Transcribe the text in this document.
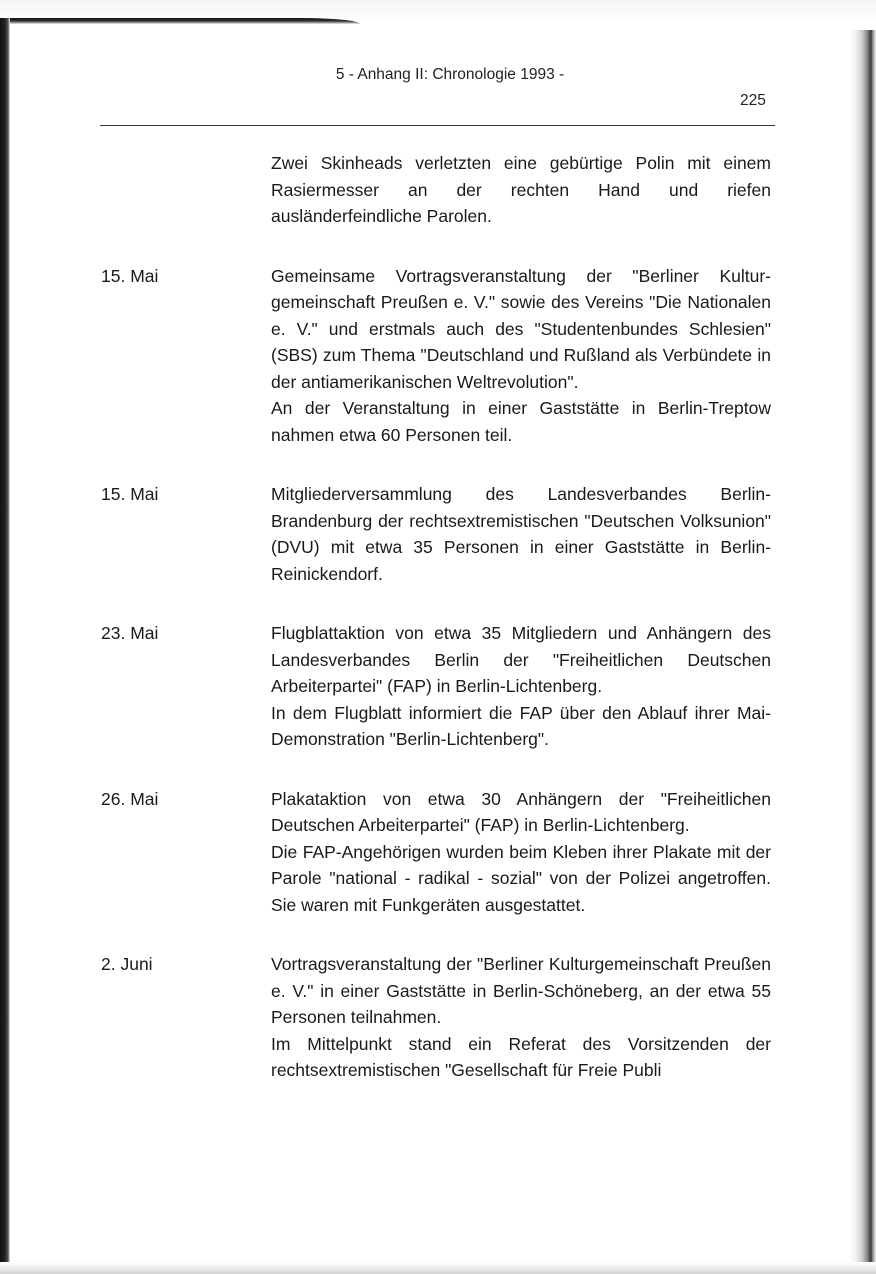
5 - Anhang II: Chronologie 1993 -
225

Zwei Skinheads verletzten eine gebürtige Polin mit einem Rasiermesser an der rechten Hand und riefen ausländerfeindliche Parolen.

15. Mai	Gemeinsame Vortragsveranstaltung der "Berliner Kulturgemeinschaft Preußen e. V." sowie des Vereins "Die Nationalen e. V." und erstmals auch des "Studentenbundes Schlesien" (SBS) zum Thema "Deutschland und Rußland als Verbündete in der antiamerikanischen Weltrevolution".

An der Veranstaltung in einer Gaststätte in Berlin-Treptow nahmen etwa 60 Personen teil.

15. Mai	Mitgliederversammlung des Landesverbandes Berlin-Brandenburg der rechtsextremistischen "Deutschen Volksunion" (DVU) mit etwa 35 Personen in einer Gaststätte in Berlin-Reinickendorf.

23. Mai	Flugblattaktion von etwa 35 Mitgliedern und Anhängern des Landesverbandes Berlin der "Freiheitlichen Deutschen Arbeiterpartei" (FAP) in Berlin-Lichtenberg.

In dem Flugblatt informiert die FAP über den Ablauf ihrer Mai-Demonstration "Berlin-Lichtenberg".

26. Mai	Plakataktion von etwa 30 Anhängern der "Freiheitlichen Deutschen Arbeiterpartei" (FAP) in Berlin-Lichtenberg.

Die FAP-Angehörigen wurden beim Kleben ihrer Plakate mit der Parole "national - radikal - sozial" von der Polizei angetroffen. Sie waren mit Funkgeräten ausgestattet.

2. Juni	Vortragsveranstaltung der "Berliner Kulturgemeinschaft Preußen e. V." in einer Gaststätte in Berlin-Schöneberg, an der etwa 55 Personen teilnahmen.

Im Mittelpunkt stand ein Referat des Vorsitzenden der rechtsextremistischen "Gesellschaft für Freie Publi
